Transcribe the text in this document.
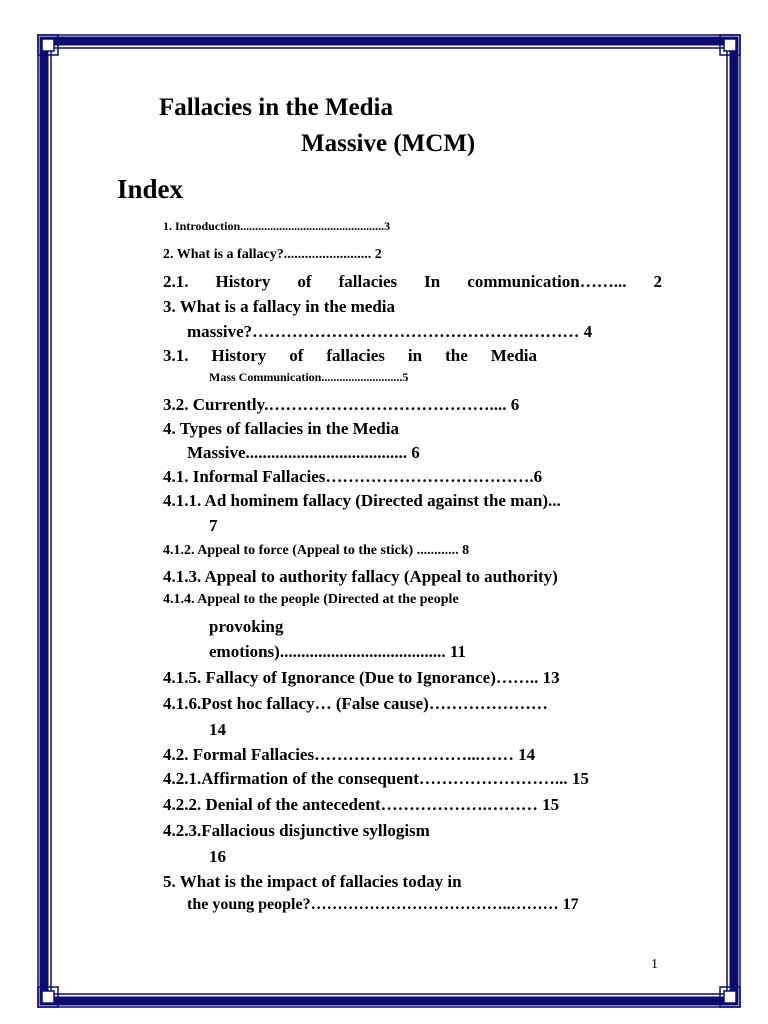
Fallacies in the Media
Massive (MCM)
Index
1. Introduction................................................3
2. What is a fallacy?......................... 2
2.1. History of fallacies In communication……... 2
3. What is a fallacy in the media
massive?………………………………………….……… 4
3.1. History of fallacies in the Media
Mass Communication...........................5
3.2. Currently.………………………………….... 6
4. Types of fallacies in the Media
Massive...................................... 6
4.1. Informal Fallacies……………………………….6
4.1.1. Ad hominem fallacy (Directed against the man)...
7
4.1.2. Appeal to force (Appeal to the stick) ............ 8
4.1.3. Appeal to authority fallacy (Appeal to authority)
4.1.4. Appeal to the people (Directed at the people
provoking
emotions)....................................... 11
4.1.5. Fallacy of Ignorance (Due to Ignorance)…….. 13
4.1.6.Post hoc fallacy… (False cause)…………………
14
4.2. Formal Fallacies………………………...…… 14
4.2.1.Affirmation of the consequent……………………... 15
4.2.2. Denial of the antecedent……………….……… 15
4.2.3.Fallacious disjunctive syllogism
16
5. What is the impact of fallacies today in
the young people?………………………………..……… 17
1
